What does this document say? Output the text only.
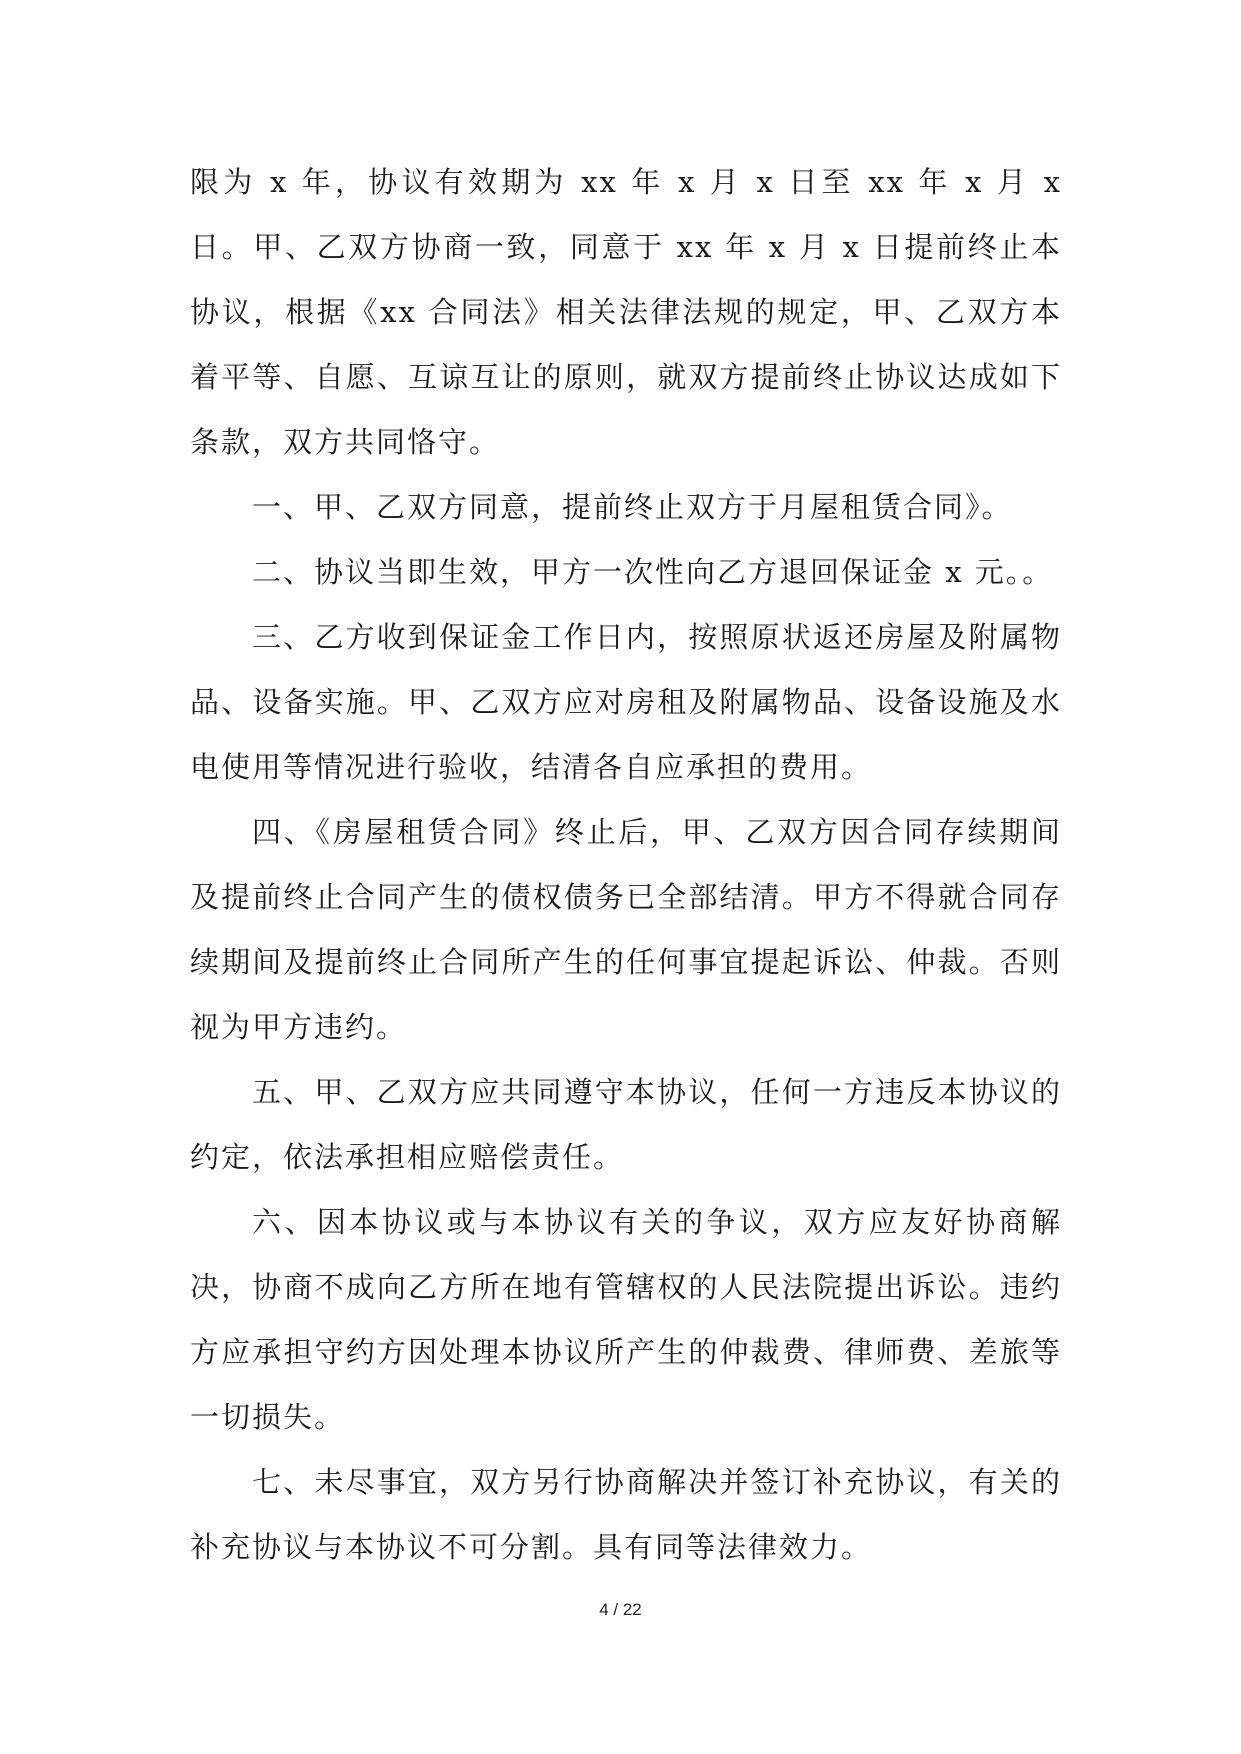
限为 x 年，协议有效期为 xx 年 x 月 x 日至 xx 年 x 月 x 日。甲、乙双方协商一致，同意于 xx 年 x 月 x 日提前终止本协议，根据《xx 合同法》相关法律法规的规定，甲、乙双方本着平等、自愿、互谅互让的原则，就双方提前终止协议达成如下条款，双方共同恪守。

一、甲、乙双方同意，提前终止双方于月屋租赁合同》。

二、协议当即生效，甲方一次性向乙方退回保证金 x 元。。

三、乙方收到保证金工作日内，按照原状返还房屋及附属物品、设备实施。甲、乙双方应对房租及附属物品、设备设施及水电使用等情况进行验收，结清各自应承担的费用。

四、《房屋租赁合同》终止后，甲、乙双方因合同存续期间及提前终止合同产生的债权债务已全部结清。甲方不得就合同存续期间及提前终止合同所产生的任何事宜提起诉讼、仲裁。否则视为甲方违约。

五、甲、乙双方应共同遵守本协议，任何一方违反本协议的约定，依法承担相应赔偿责任。

六、因本协议或与本协议有关的争议，双方应友好协商解决，协商不成向乙方所在地有管辖权的人民法院提出诉讼。违约方应承担守约方因处理本协议所产生的仲裁费、律师费、差旅等一切损失。

七、未尽事宜，双方另行协商解决并签订补充协议，有关的补充协议与本协议不可分割。具有同等法律效力。

4 / 22
